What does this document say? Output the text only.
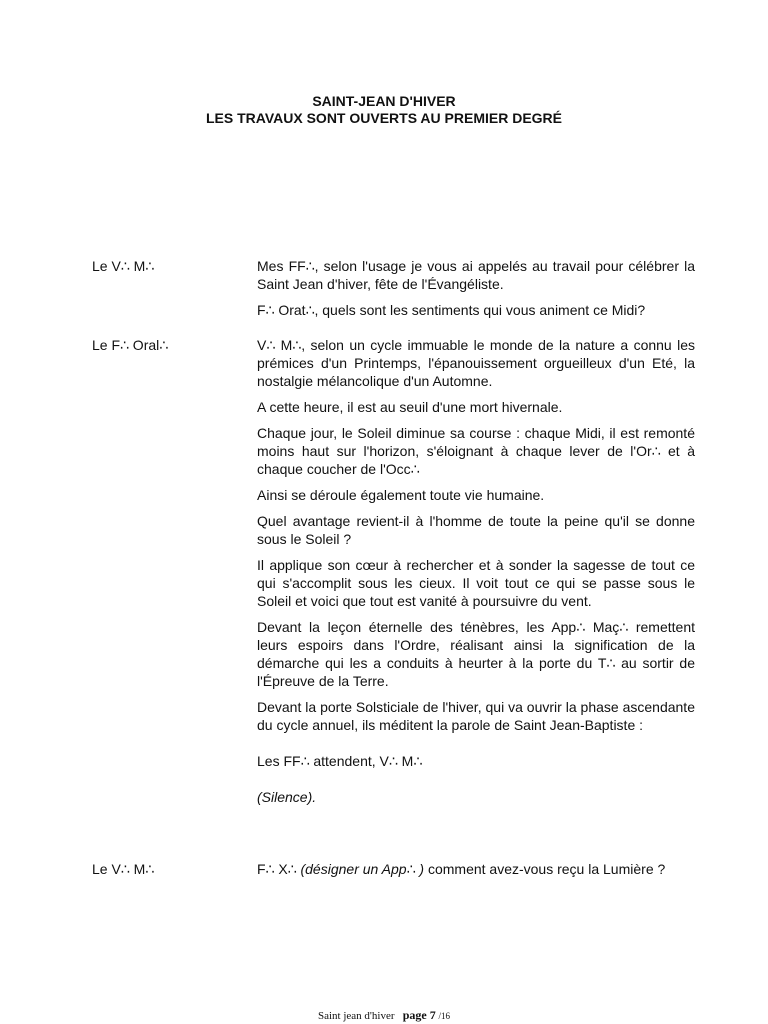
SAINT-JEAN D'HIVER
LES TRAVAUX SONT OUVERTS AU PREMIER DEGRÉ
Le V∴ M∴	Mes FF∴, selon l'usage je vous ai appelés au travail pour célébrer la Saint Jean d'hiver, fête de l'Évangéliste.

F∴ Orat∴, quels sont les sentiments qui vous animent ce Midi?

Le F∴ Oral∴	V∴ M∴, selon un cycle immuable le monde de la nature a connu les prémices d'un Printemps, l'épanouissement orgueilleux d'un Eté, la nostalgie mélancolique d'un Automne.

A cette heure, il est au seuil d'une mort hivernale.

Chaque jour, le Soleil diminue sa course : chaque Midi, il est remonté moins haut sur l'horizon, s'éloignant à chaque lever de l'Or∴ et à chaque coucher de l'Occ∴

Ainsi se déroule également toute vie humaine.

Quel avantage revient-il à l'homme de toute la peine qu'il se donne sous le Soleil ?

Il applique son cœur à rechercher et à sonder la sagesse de tout ce qui s'accomplit sous les cieux. Il voit tout ce qui se passe sous le Soleil et voici que tout est vanité à poursuivre du vent.

Devant la leçon éternelle des ténèbres, les App∴ Maç∴ remettent leurs espoirs dans l'Ordre, réalisant ainsi la signification de la démarche qui les a conduits à heurter à la porte du T∴ au sortir de l'Épreuve de la Terre.

Devant la porte Solsticiale de l'hiver, qui va ouvrir la phase ascendante du cycle annuel, ils méditent la parole de Saint Jean-Baptiste :

Les FF∴ attendent, V∴ M∴

(Silence).

Le V∴ M∴	F∴ X∴ (désigner un App∴ ) comment avez-vous reçu la Lumière ?

Saint jean d'hiver page 7 /16
